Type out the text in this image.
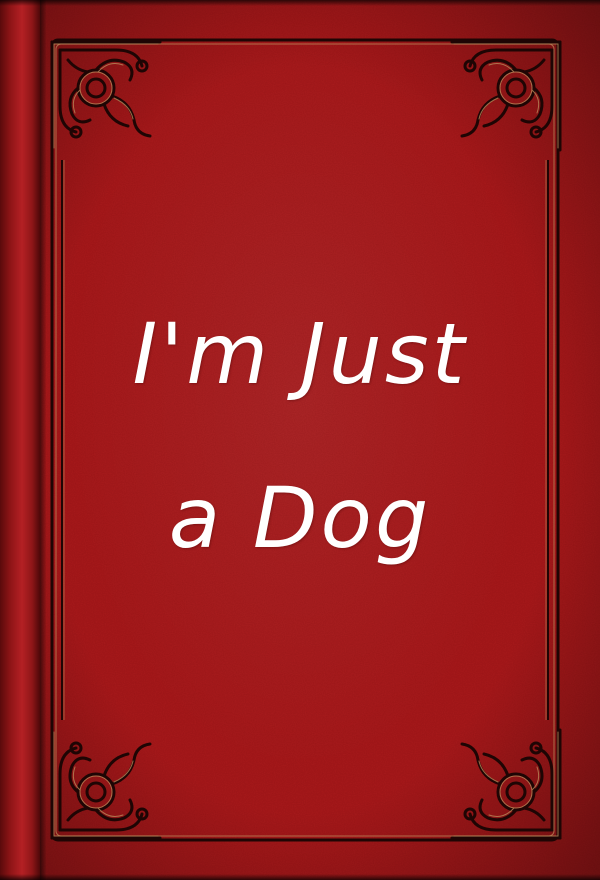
I'm Just
a Dog
